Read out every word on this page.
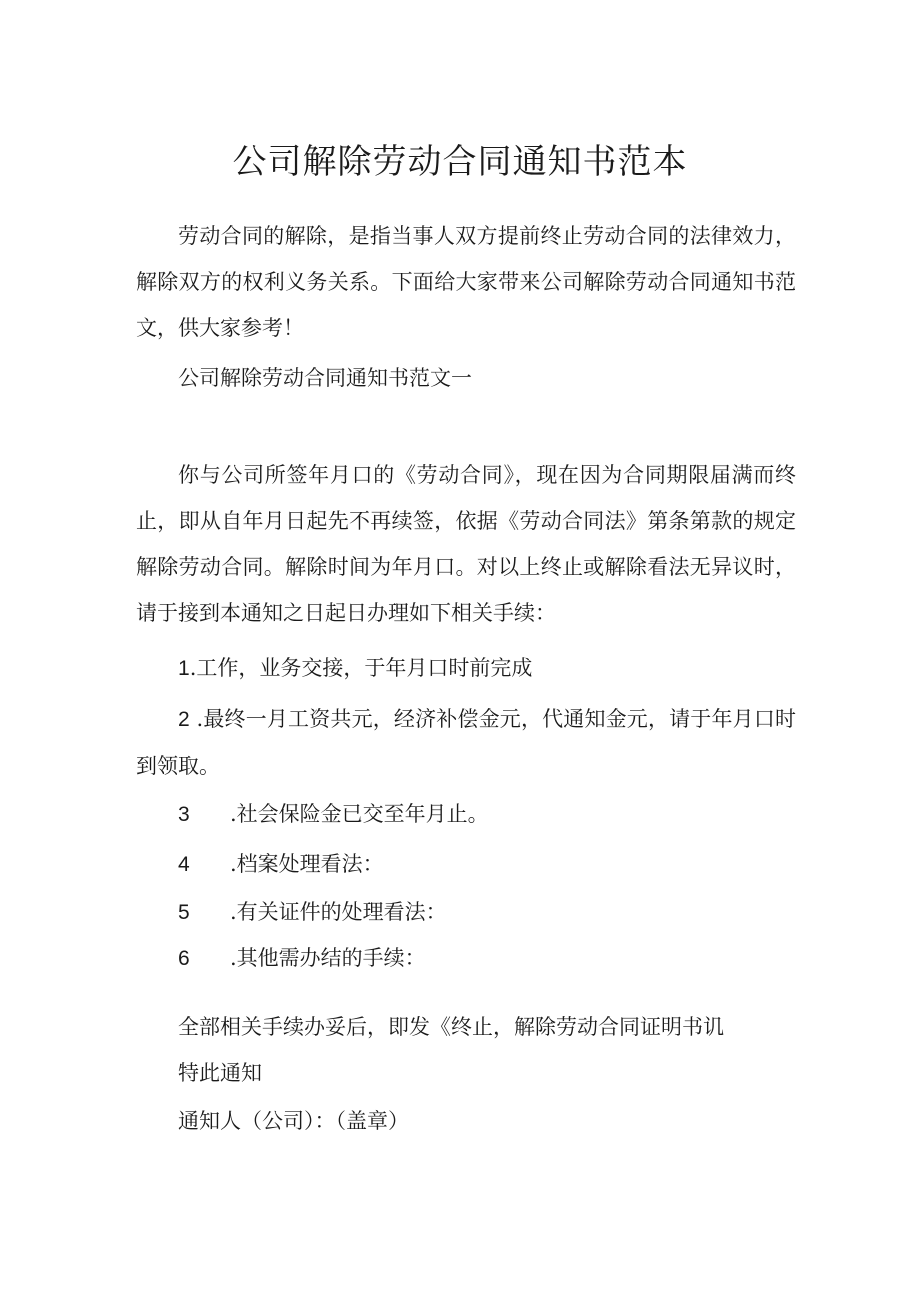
公司解除劳动合同通知书范本

劳动合同的解除，是指当事人双方提前终止劳动合同的法律效力，解除双方的权利义务关系。下面给大家带来公司解除劳动合同通知书范文，供大家参考！

公司解除劳动合同通知书范文一

你与公司所签年月口的《劳动合同》，现在因为合同期限届满而终止，即从自年月日起先不再续签，依据《劳动合同法》第条第款的规定解除劳动合同。解除时间为年月口。对以上终止或解除看法无异议时，请于接到本通知之日起日办理如下相关手续：

1.工作，业务交接，于年月口时前完成

2 .最终一月工资共元，经济补偿金元，代通知金元，请于年月口时到领取。

3 .社会保险金已交至年月止。

4 .档案处理看法：

5 .有关证件的处理看法：

6 .其他需办结的手续：

全部相关手续办妥后，即发《终止，解除劳动合同证明书讥

特此通知

通知人（公司）：（盖章）
